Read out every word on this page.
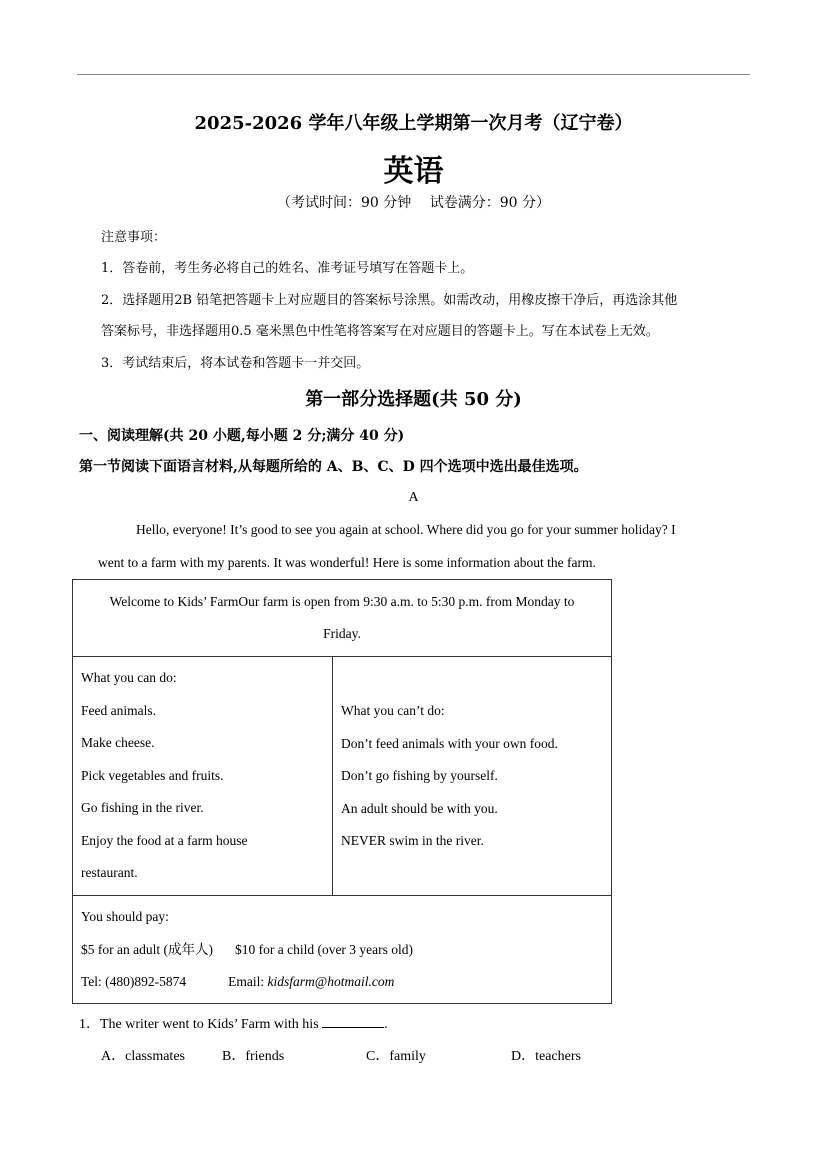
2025-2026 学年八年级上学期第一次月考（辽宁卷）
英语
（考试时间：90 分钟　 试卷满分：90 分）
注意事项：
1．答卷前，考生务必将自己的姓名、准考证号填写在答题卡上。
2．选择题用2B 铅笔把答题卡上对应题目的答案标号涂黑。如需改动，用橡皮擦干净后，再选涂其他
答案标号，非选择题用0.5 毫米黑色中性笔将答案写在对应题目的答题卡上。写在本试卷上无效。
3．考试结束后，将本试卷和答题卡一并交回。
第一部分选择题(共 50 分)
一、阅读理解(共 20 小题,每小题 2 分;满分 40 分)
第一节阅读下面语言材料,从每题所给的 A、B、C、D 四个选项中选出最佳选项。
A
Hello, everyone! It’s good to see you again at school. Where did you go for your summer holiday? I
went to a farm with my parents. It was wonderful! Here is some information about the farm.
Welcome to Kids’ FarmOur farm is open from 9:30 a.m. to 5:30 p.m. from Monday to
Friday.

What you can do:
Feed animals.
Make cheese.
Pick vegetables and fruits.
Go fishing in the river.
Enjoy the food at a farm house
restaurant.

What you can’t do:
Don’t feed animals with your own food.
Don’t go fishing by yourself.
An adult should be with you.
NEVER swim in the river.

You should pay:
$5 for an adult (成年人) $10 for a child (over 3 years old)
Tel: (480)892-5874	Email: kidsfarm@hotmail.com
1．The writer went to Kids’ Farm with his	.
A．classmates	B．friends	C．family	D．teachers
